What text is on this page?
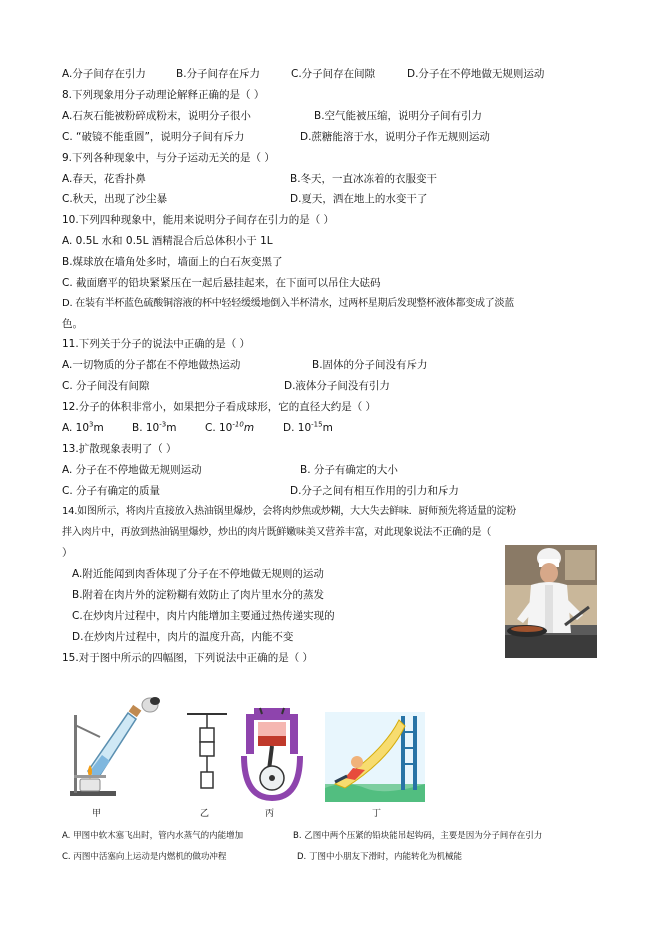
A.分子间存在引力	B.分子间存在斥力	C.分子间存在间隙	D.分子在不停地做无规则运动
8.下列现象用分子动理论解释正确的是（ ）
A.石灰石能被粉碎成粉末，说明分子很小	B.空气能被压缩，说明分子间有引力
C. “破镜不能重圆”，说明分子间有斥力	D.蔗糖能溶于水，说明分子作无规则运动
9.下列各种现象中，与分子运动无关的是（ ）
A.春天，花香扑鼻	B.冬天，一直冰冻着的衣服变干
C.秋天，出现了沙尘暴	D.夏天，洒在地上的水变干了
10.下列四种现象中，能用来说明分子间存在引力的是（ ）
A. 0.5L 水和 0.5L 酒精混合后总体积小于 1L
B.煤球放在墙角处多时，墙面上的白石灰变黑了
C. 截面磨平的铅块紧紧压在一起后悬挂起来，在下面可以吊住大砝码
D. 在装有半杯蓝色硫酸铜溶液的杯中轻轻缓缓地倒入半杯清水，过两杯星期后发现整杯液体都变成了淡蓝
色。
11.下列关于分子的说法中正确的是（ ）
A.一切物质的分子都在不停地做热运动	B.固体的分子间没有斥力
C. 分子间没有间隙	D.液体分子间没有引力
12.分子的体积非常小，如果把分子看成球形，它的直径大约是（ ）
A. $10^3m$	B. $10^{-3}m$	C. $10^{-10}m$	D. $10^{-15}m$
13.扩散现象表明了（ ）
A. 分子在不停地做无规则运动	B. 分子有确定的大小
C. 分子有确定的质量	D.分子之间有相互作用的引力和斥力
14.如图所示，将肉片直接放入热油锅里爆炒，会将肉炒焦或炒糊，大大失去鲜味．厨师预先将适量的淀粉
拌入肉片中，再放到热油锅里爆炒，炒出的肉片既鲜嫩味美又营养丰富，对此现象说法不正确的是（
）
A.附近能闻到肉香体现了分子在不停地做无规则的运动
B.附着在肉片外的淀粉糊有效防止了肉片里水分的蒸发
C.在炒肉片过程中，肉片内能增加主要通过热传递实现的
D.在炒肉片过程中，肉片的温度升高，内能不变
15.对于图中所示的四幅图，下列说法中正确的是（ ）
甲	乙	丙	丁
A. 甲图中软木塞飞出时，管内水蒸气的内能增加	B. 乙图中两个压紧的铅块能吊起钩码，主要是因为分子间存在引力
C. 丙图中活塞向上运动是内燃机的做功冲程	D. 丁图中小朋友下滑时，内能转化为机械能
